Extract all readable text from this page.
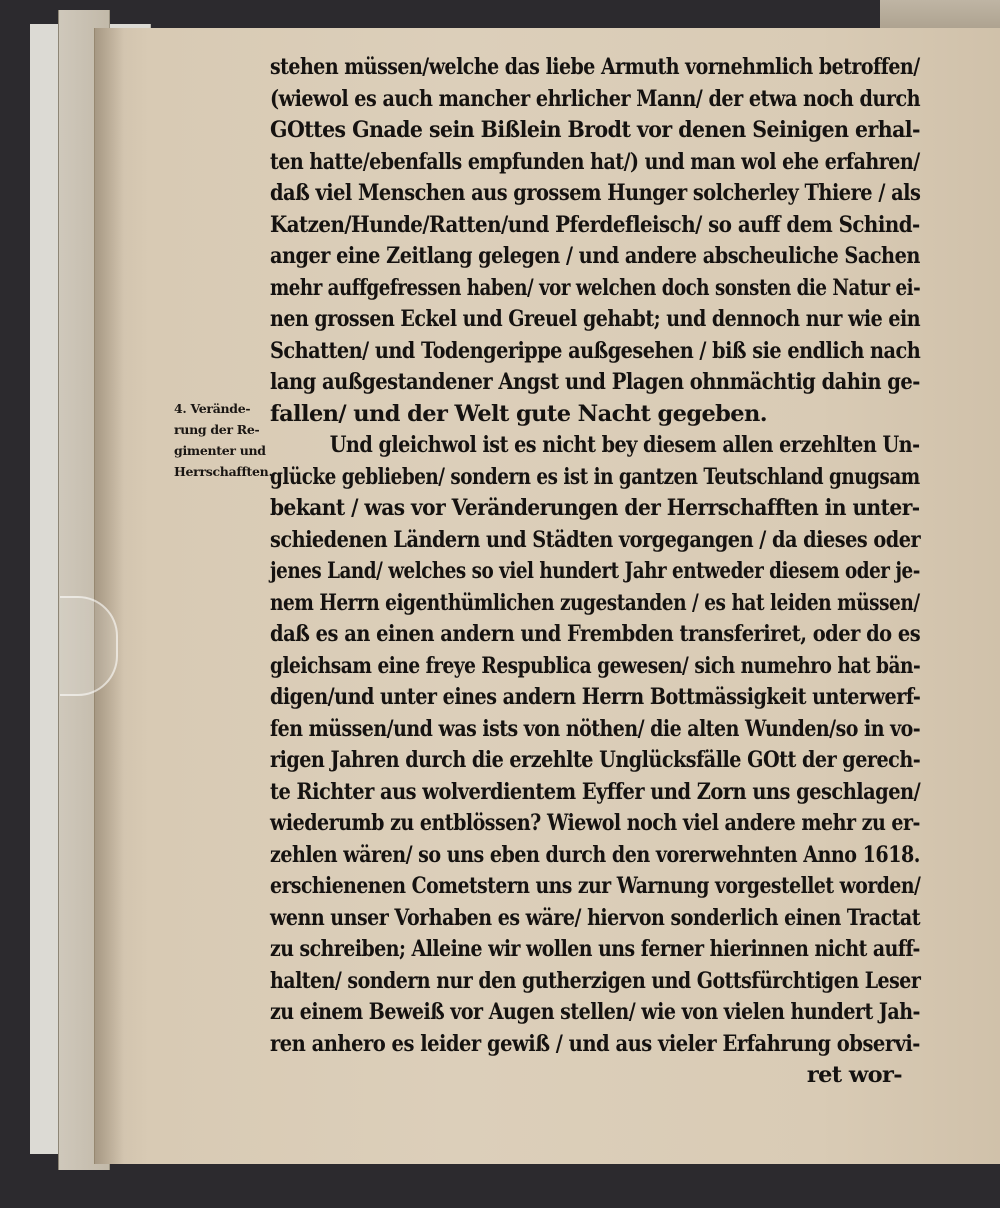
4. Verände-
rung der Re-
gimenter und
Herrschafften.
stehen müssen/welche das liebe Armuth vornehmlich betroffen/
(wiewol es auch mancher ehrlicher Mann/ der etwa noch durch
GOttes Gnade sein Bißlein Brodt vor denen Seinigen erhal-
ten hatte/ebenfalls empfunden hat/) und man wol ehe erfahren/
daß viel Menschen aus grossem Hunger solcherley Thiere / als
Katzen/Hunde/Ratten/und Pferdefleisch/ so auff dem Schind-
anger eine Zeitlang gelegen / und andere abscheuliche Sachen
mehr auffgefressen haben/ vor welchen doch sonsten die Natur ei-
nen grossen Eckel und Greuel gehabt; und dennoch nur wie ein
Schatten/ und Todengerippe außgesehen / biß sie endlich nach
lang außgestandener Angst und Plagen ohnmächtig dahin ge-
fallen/ und der Welt gute Nacht gegeben.
Und gleichwol ist es nicht bey diesem allen erzehlten Un-
glücke geblieben/ sondern es ist in gantzen Teutschland gnugsam
bekant / was vor Veränderungen der Herrschafften in unter-
schiedenen Ländern und Städten vorgegangen / da dieses oder
jenes Land/ welches so viel hundert Jahr entweder diesem oder je-
nem Herrn eigenthümlichen zugestanden / es hat leiden müssen/
daß es an einen andern und Frembden transferiret, oder do es
gleichsam eine freye Respublica gewesen/ sich numehro hat bän-
digen/und unter eines andern Herrn Bottmässigkeit unterwerf-
fen müssen/und was ists von nöthen/ die alten Wunden/so in vo-
rigen Jahren durch die erzehlte Unglücksfälle GOtt der gerech-
te Richter aus wolverdientem Eyffer und Zorn uns geschlagen/
wiederumb zu entblössen? Wiewol noch viel andere mehr zu er-
zehlen wären/ so uns eben durch den vorerwehnten Anno 1618.
erschienenen Cometstern uns zur Warnung vorgestellet worden/
wenn unser Vorhaben es wäre/ hiervon sonderlich einen Tractat
zu schreiben; Alleine wir wollen uns ferner hierinnen nicht auff-
halten/ sondern nur den gutherzigen und Gottsfürchtigen Leser
zu einem Beweiß vor Augen stellen/ wie von vielen hundert Jah-
ren anhero es leider gewiß / und aus vieler Erfahrung observi-
ret wor-
